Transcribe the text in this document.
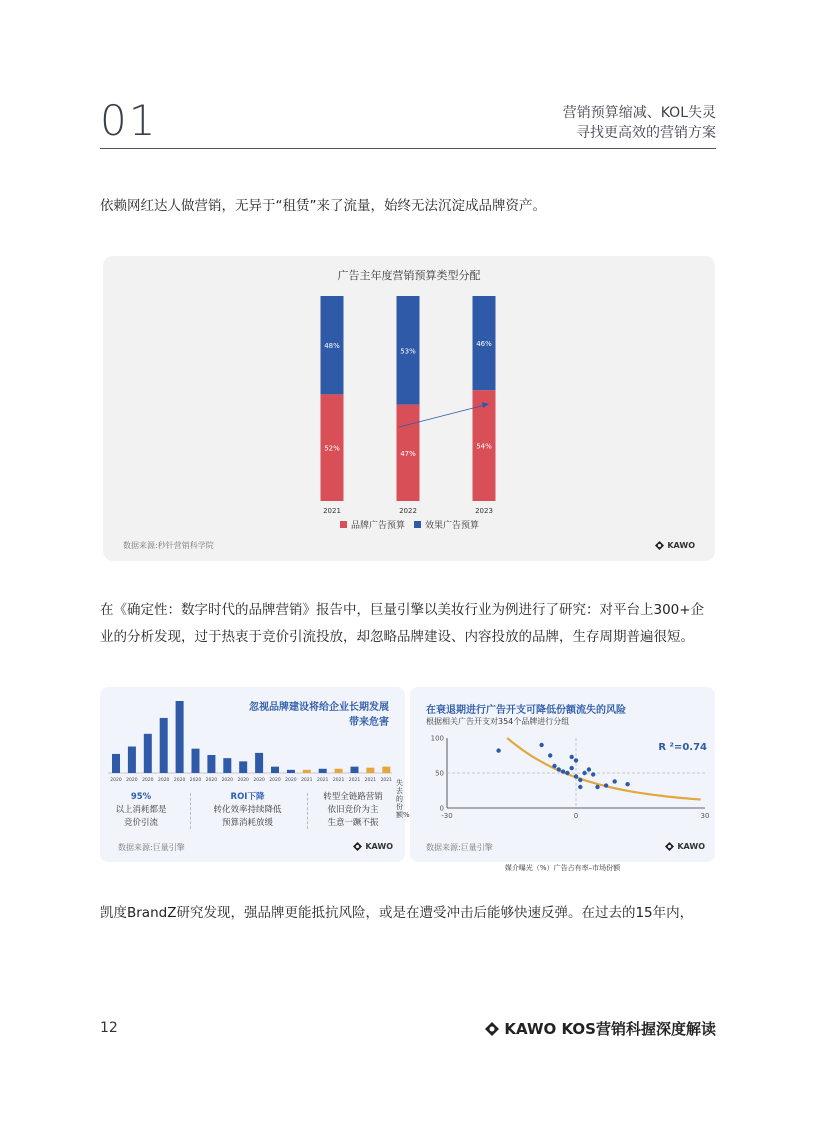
01	营销预算缩减、KOL失灵
寻找更高效的营销方案
依赖网红达人做营销，无异于“租赁”来了流量，始终无法沉淀成品牌资产。
广告主年度营销预算类型分配
48%
52%
2021
53%
47%
2022
46%
54%
2023
品牌广告预算 效果广告预算
数据来源:秒针营销科学院	KAWO
在《确定性：数字时代的品牌营销》报告中，巨量引擎以美妆行业为例进行了研究：对平台上300+企
业的分析发现，过于热衷于竞价引流投放，却忽略品牌建设、内容投放的品牌，生存周期普遍很短。
忽视品牌建设将给企业长期发展
带来危害
2020 2020 2020 2020 2020 2020 2020 2020 2020 2020 2020 2020 2021 2021 2021 2021 2021 2021 失去的份额%
95%
以上消耗都是
竞价引流
ROI下降
转化效率持续降低
预算消耗放缓
转型全链路营销
依旧竞价为主
生意一蹶不振
数据来源:巨量引擎	KAWO
在衰退期进行广告开支可降低份额流失的风险
根据相关广告开支对354个品牌进行分组
100
50
0
-30	0	30
R ²=0.74
数据来源:巨量引擎	KAWO
媒介曝光（%）广告占有率–市场份额
凯度BrandZ研究发现，强品牌更能抵抗风险，或是在遭受冲击后能够快速反弹。在过去的15年内，
12	KAWO KOS营销科握深度解读
